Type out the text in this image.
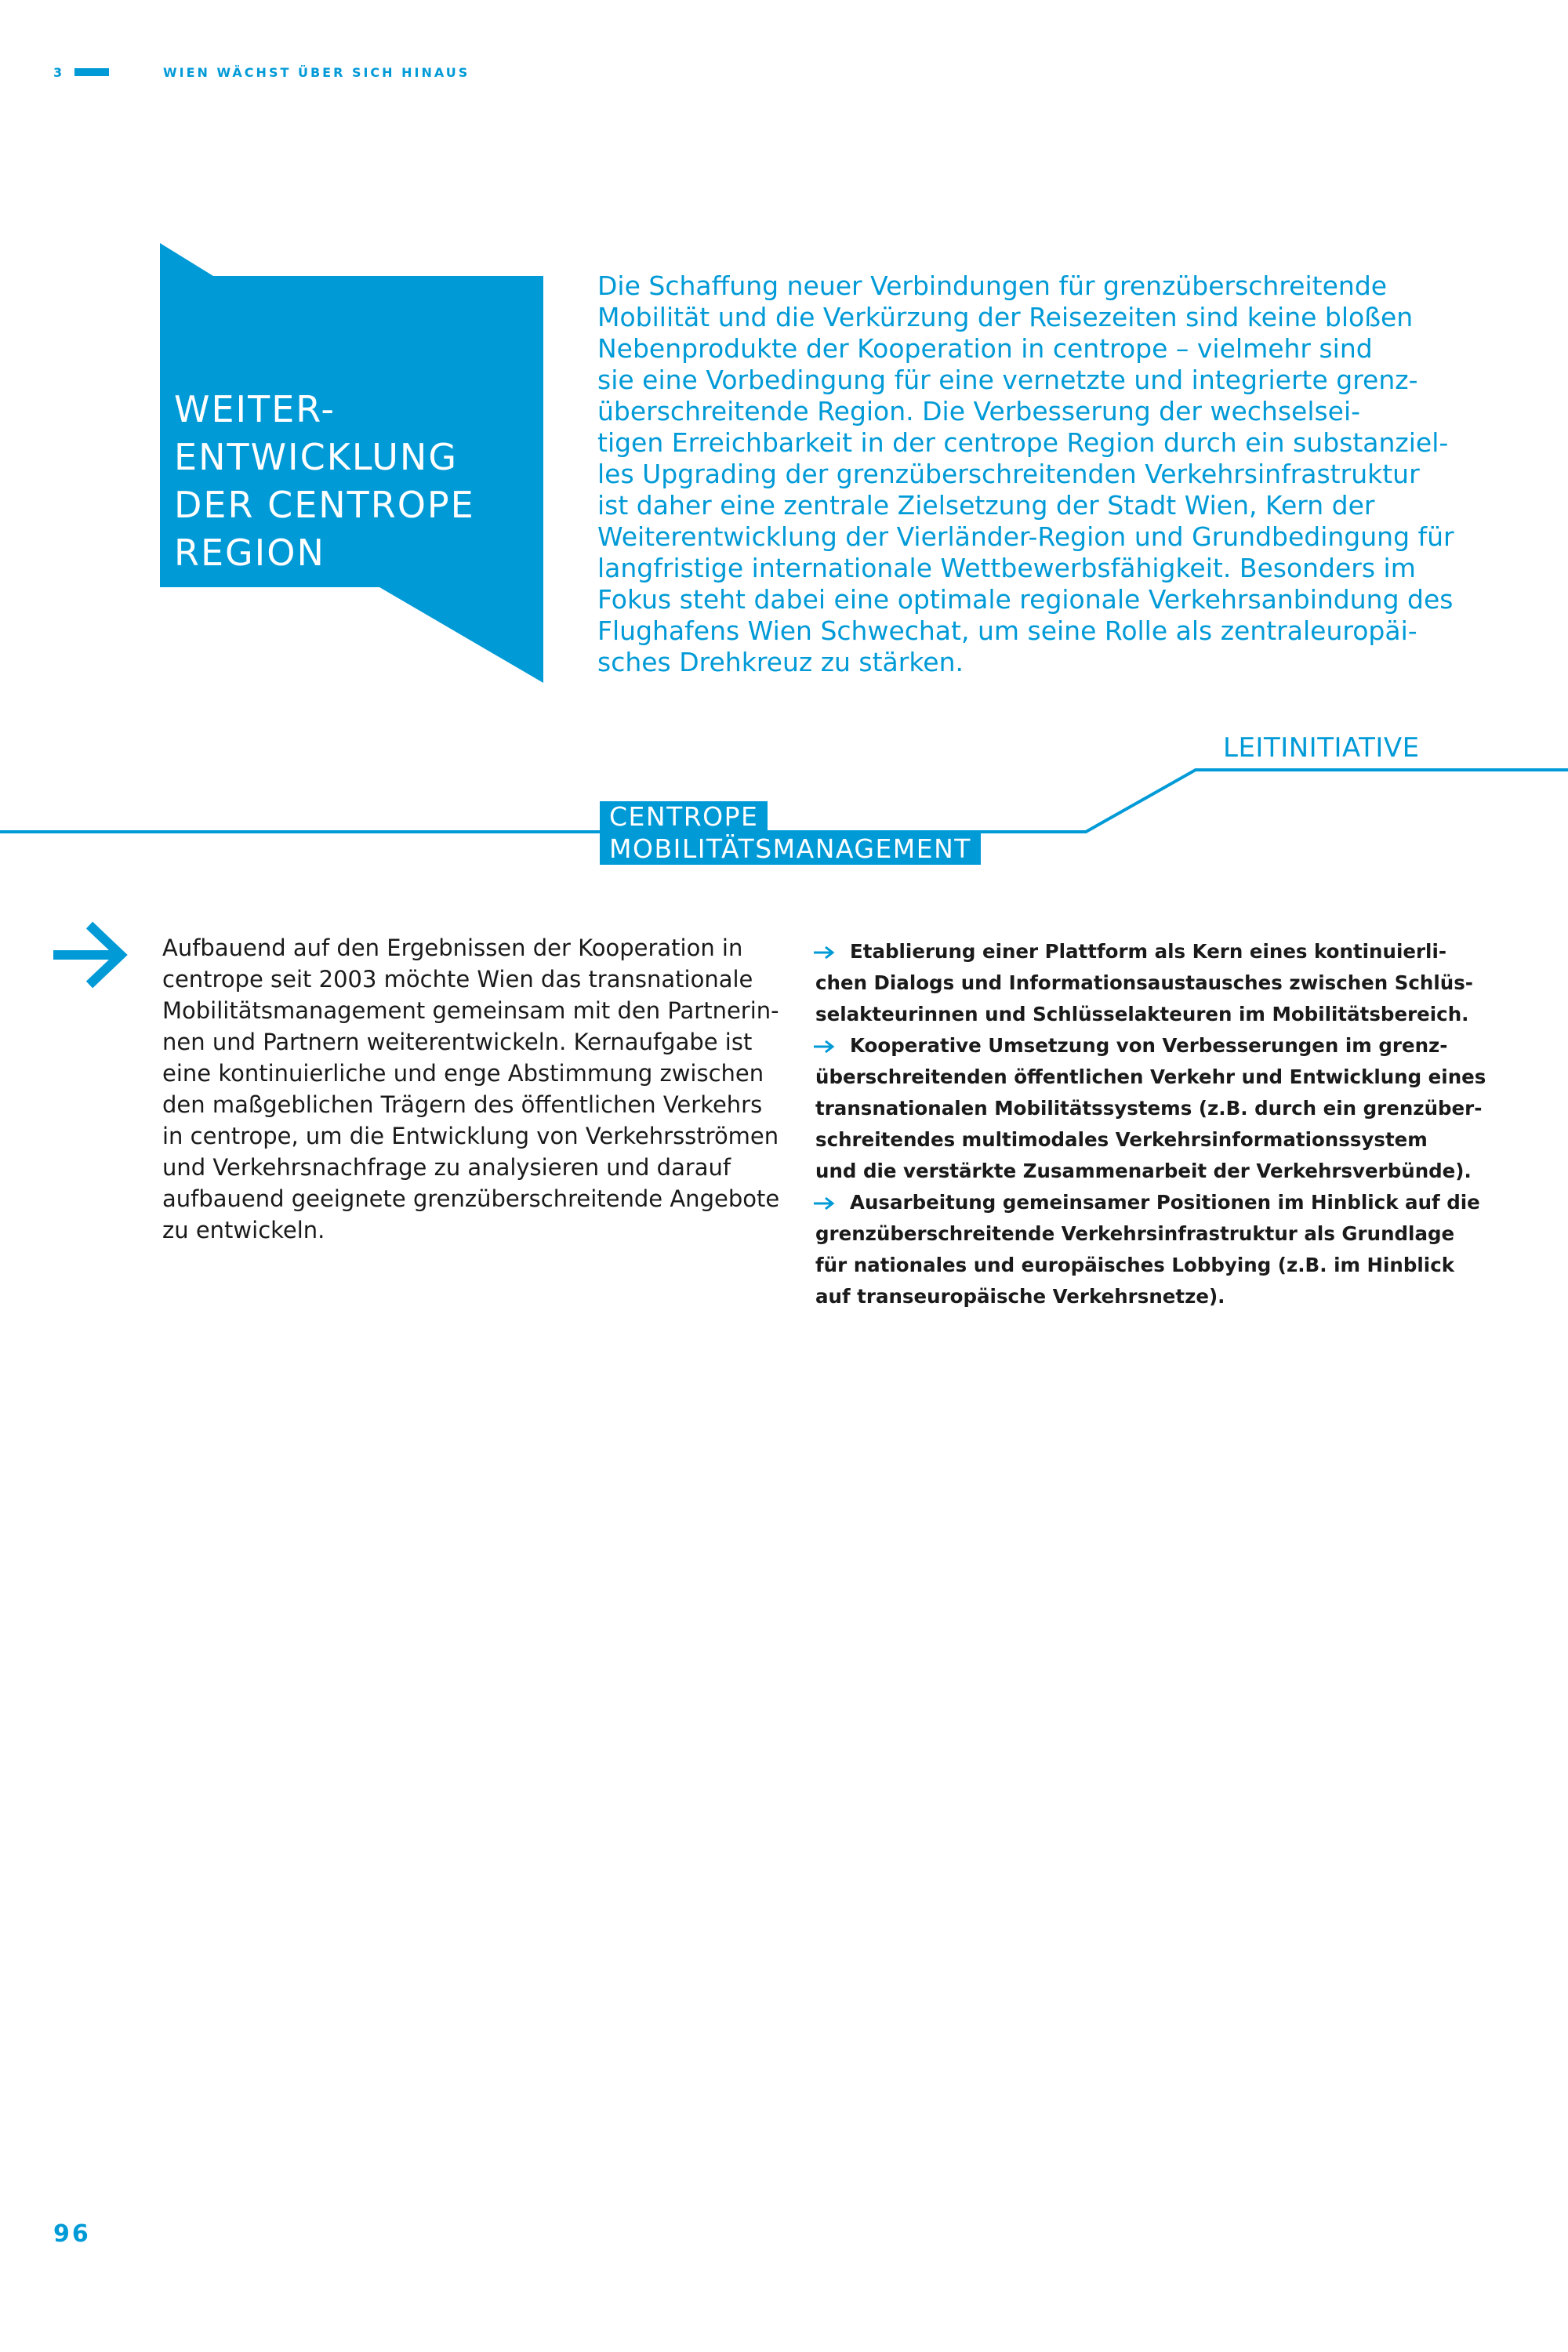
3	WIEN WÄCHST ÜBER SICH HINAUS
WEITER-
ENTWICKLUNG
DER CENTROPE
REGION
Die Schaffung neuer Verbindungen für grenzüberschreitende
Mobilität und die Verkürzung der Reisezeiten sind keine bloßen
Nebenprodukte der Kooperation in centrope – vielmehr sind
sie eine Vorbedingung für eine vernetzte und integrierte grenz-
überschreitende Region. Die Verbesserung der wechselsei-
tigen Erreichbarkeit in der centrope Region durch ein substanziel-
les Upgrading der grenzüberschreitenden Verkehrsinfrastruktur
ist daher eine zentrale Zielsetzung der Stadt Wien, Kern der
Weiterentwicklung der Vierländer-Region und Grundbedingung für
langfristige internationale Wettbewerbsfähigkeit. Besonders im
Fokus steht dabei eine optimale regionale Verkehrsanbindung des
Flughafens Wien Schwechat, um seine Rolle als zentraleuropäi-
sches Drehkreuz zu stärken.
LEITINITIATIVE
CENTROPE
MOBILITÄTSMANAGEMENT
Aufbauend auf den Ergebnissen der Kooperation in
centrope seit 2003 möchte Wien das transnationale
Mobilitätsmanagement gemeinsam mit den Partnerin-
nen und Partnern weiterentwickeln. Kernaufgabe ist
eine kontinuierliche und enge Abstimmung zwischen
den maßgeblichen Trägern des öffentlichen Verkehrs
in centrope, um die Entwicklung von Verkehrsströmen
und Verkehrsnachfrage zu analysieren und darauf
aufbauend geeignete grenzüberschreitende Angebote
zu entwickeln.
Etablierung einer Plattform als Kern eines kontinuierli-
chen Dialogs und Informationsaustausches zwischen Schlüs-
selakteurinnen und Schlüsselakteuren im Mobilitätsbereich.
Kooperative Umsetzung von Verbesserungen im grenz-
überschreitenden öffentlichen Verkehr und Entwicklung eines
transnationalen Mobilitätssystems (z.B. durch ein grenzüber-
schreitendes multimodales Verkehrsinformationssystem
und die verstärkte Zusammenarbeit der Verkehrsverbünde).
Ausarbeitung gemeinsamer Positionen im Hinblick auf die
grenzüberschreitende Verkehrsinfrastruktur als Grundlage
für nationales und europäisches Lobbying (z.B. im Hinblick
auf transeuropäische Verkehrsnetze).
96
